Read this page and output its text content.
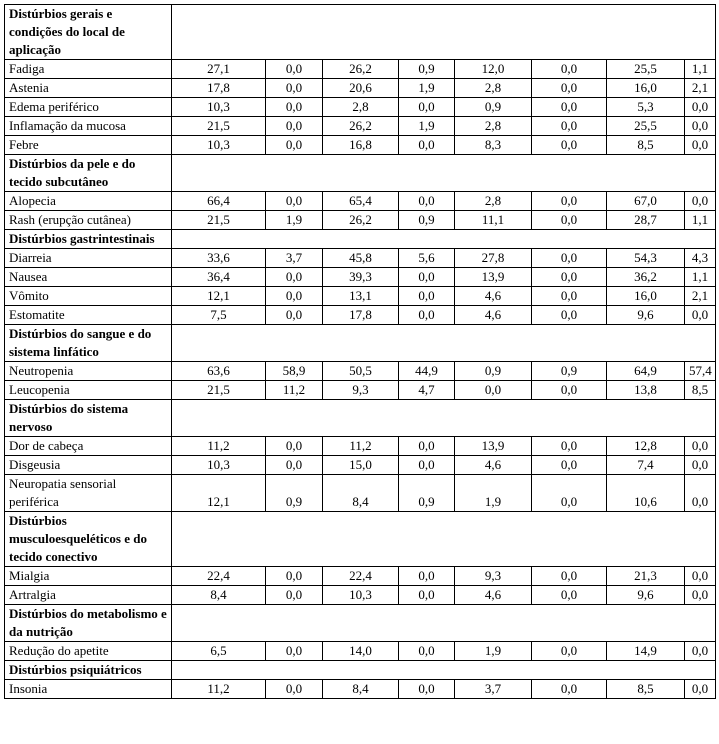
Distúrbios gerais e condições do local de aplicação								
Fadiga	27,1	0,0	26,2	0,9	12,0	0,0	25,5	1,1
Astenia	17,8	0,0	20,6	1,9	2,8	0,0	16,0	2,1
Edema periférico	10,3	0,0	2,8	0,0	0,9	0,0	5,3	0,0
Inflamação da mucosa	21,5	0,0	26,2	1,9	2,8	0,0	25,5	0,0
Febre	10,3	0,0	16,8	0,0	8,3	0,0	8,5	0,0
Distúrbios da pele e do tecido subcutâneo								
Alopecia	66,4	0,0	65,4	0,0	2,8	0,0	67,0	0,0
Rash (erupção cutânea)	21,5	1,9	26,2	0,9	11,1	0,0	28,7	1,1
Distúrbios gastrintestinais								
Diarreia	33,6	3,7	45,8	5,6	27,8	0,0	54,3	4,3
Nausea	36,4	0,0	39,3	0,0	13,9	0,0	36,2	1,1
Vômito	12,1	0,0	13,1	0,0	4,6	0,0	16,0	2,1
Estomatite	7,5	0,0	17,8	0,0	4,6	0,0	9,6	0,0
Distúrbios do sangue e do sistema linfático								
Neutropenia	63,6	58,9	50,5	44,9	0,9	0,9	64,9	57,4
Leucopenia	21,5	11,2	9,3	4,7	0,0	0,0	13,8	8,5
Distúrbios do sistema nervoso								
Dor de cabeça	11,2	0,0	11,2	0,0	13,9	0,0	12,8	0,0
Disgeusia	10,3	0,0	15,0	0,0	4,6	0,0	7,4	0,0
Neuropatia sensorial periférica	12,1	0,9	8,4	0,9	1,9	0,0	10,6	0,0
Distúrbios musculoesqueléticos e do tecido conectivo								
Mialgia	22,4	0,0	22,4	0,0	9,3	0,0	21,3	0,0
Artralgia	8,4	0,0	10,3	0,0	4,6	0,0	9,6	0,0
Distúrbios do metabolismo e da nutrição								
Redução do apetite	6,5	0,0	14,0	0,0	1,9	0,0	14,9	0,0
Distúrbios psiquiátricos								
Insonia	11,2	0,0	8,4	0,0	3,7	0,0	8,5	0,0
